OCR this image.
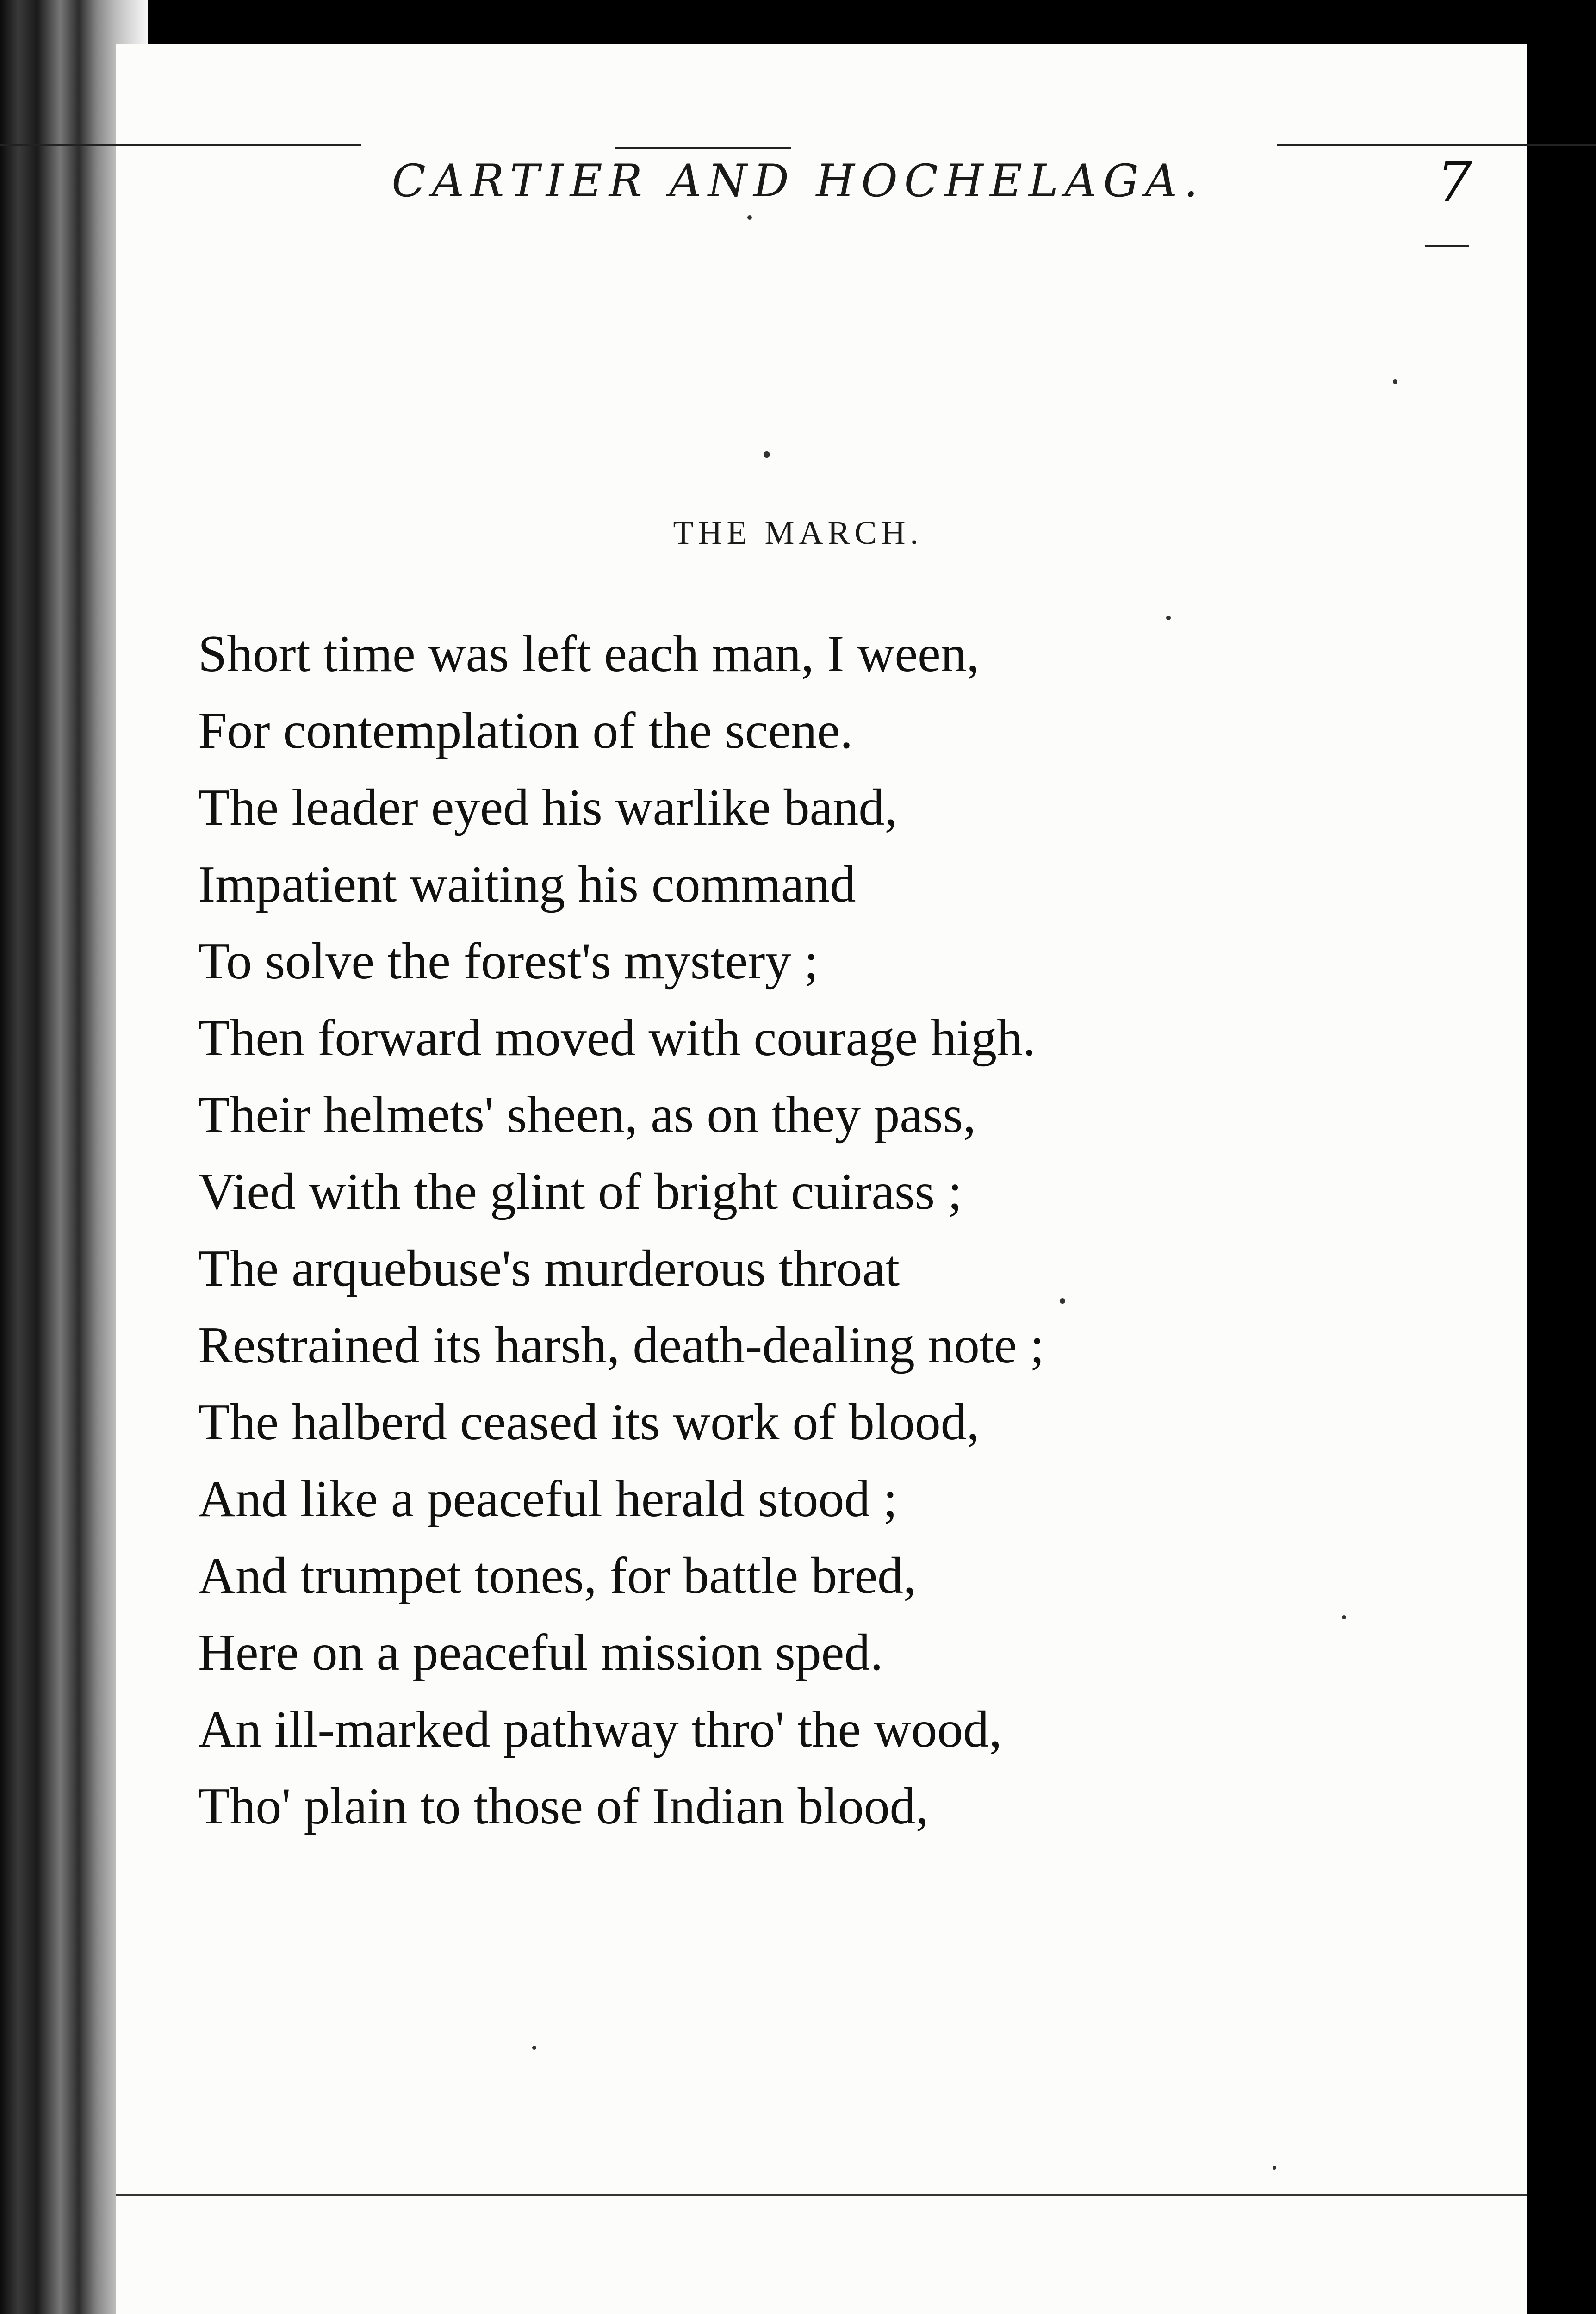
CARTIER AND HOCHELAGA.	7
THE MARCH.
Short time was left each man, I ween,
For contemplation of the scene.
The leader eyed his warlike band,
Impatient waiting his command
To solve the forest's mystery ;
Then forward moved with courage high.
Their helmets' sheen, as on they pass,
Vied with the glint of bright cuirass ;
The arquebuse's murderous throat
Restrained its harsh, death-dealing note ;
The halberd ceased its work of blood,
And like a peaceful herald stood ;
And trumpet tones, for battle bred,
Here on a peaceful mission sped.
An ill-marked pathway thro' the wood,
Tho' plain to those of Indian blood,
